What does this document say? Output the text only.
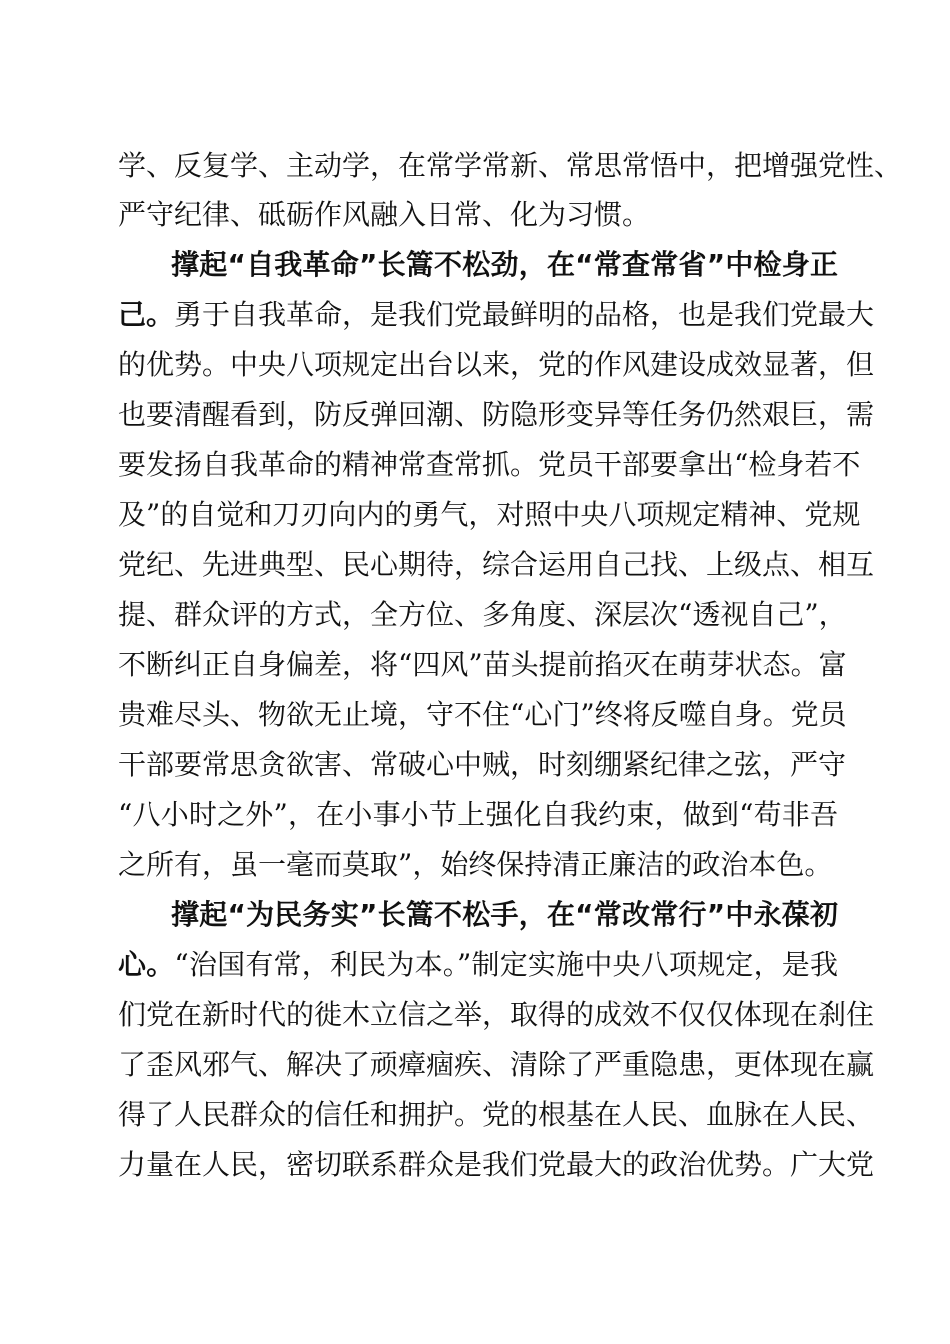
学、反复学、主动学，在常学常新、常思常悟中，把增强党性、
严守纪律、砥砺作风融入日常、化为习惯。
撑起“自我革命”长篙不松劲，在“常查常省”中检身正
己。勇于自我革命，是我们党最鲜明的品格，也是我们党最大
的优势。中央八项规定出台以来，党的作风建设成效显著，但
也要清醒看到，防反弹回潮、防隐形变异等任务仍然艰巨，需
要发扬自我革命的精神常查常抓。党员干部要拿出“检身若不
及”的自觉和刀刃向内的勇气，对照中央八项规定精神、党规
党纪、先进典型、民心期待，综合运用自己找、上级点、相互
提、群众评的方式，全方位、多角度、深层次“透视自己”，
不断纠正自身偏差，将“四风”苗头提前掐灭在萌芽状态。富
贵难尽头、物欲无止境，守不住“心门”终将反噬自身。党员
干部要常思贪欲害、常破心中贼，时刻绷紧纪律之弦，严守
“八小时之外”，在小事小节上强化自我约束，做到“苟非吾
之所有，虽一毫而莫取”，始终保持清正廉洁的政治本色。
撑起“为民务实”长篙不松手，在“常改常行”中永葆初
心。“治国有常，利民为本。”制定实施中央八项规定，是我
们党在新时代的徙木立信之举，取得的成效不仅仅体现在刹住
了歪风邪气、解决了顽瘴痼疾、清除了严重隐患，更体现在赢
得了人民群众的信任和拥护。党的根基在人民、血脉在人民、
力量在人民，密切联系群众是我们党最大的政治优势。广大党
